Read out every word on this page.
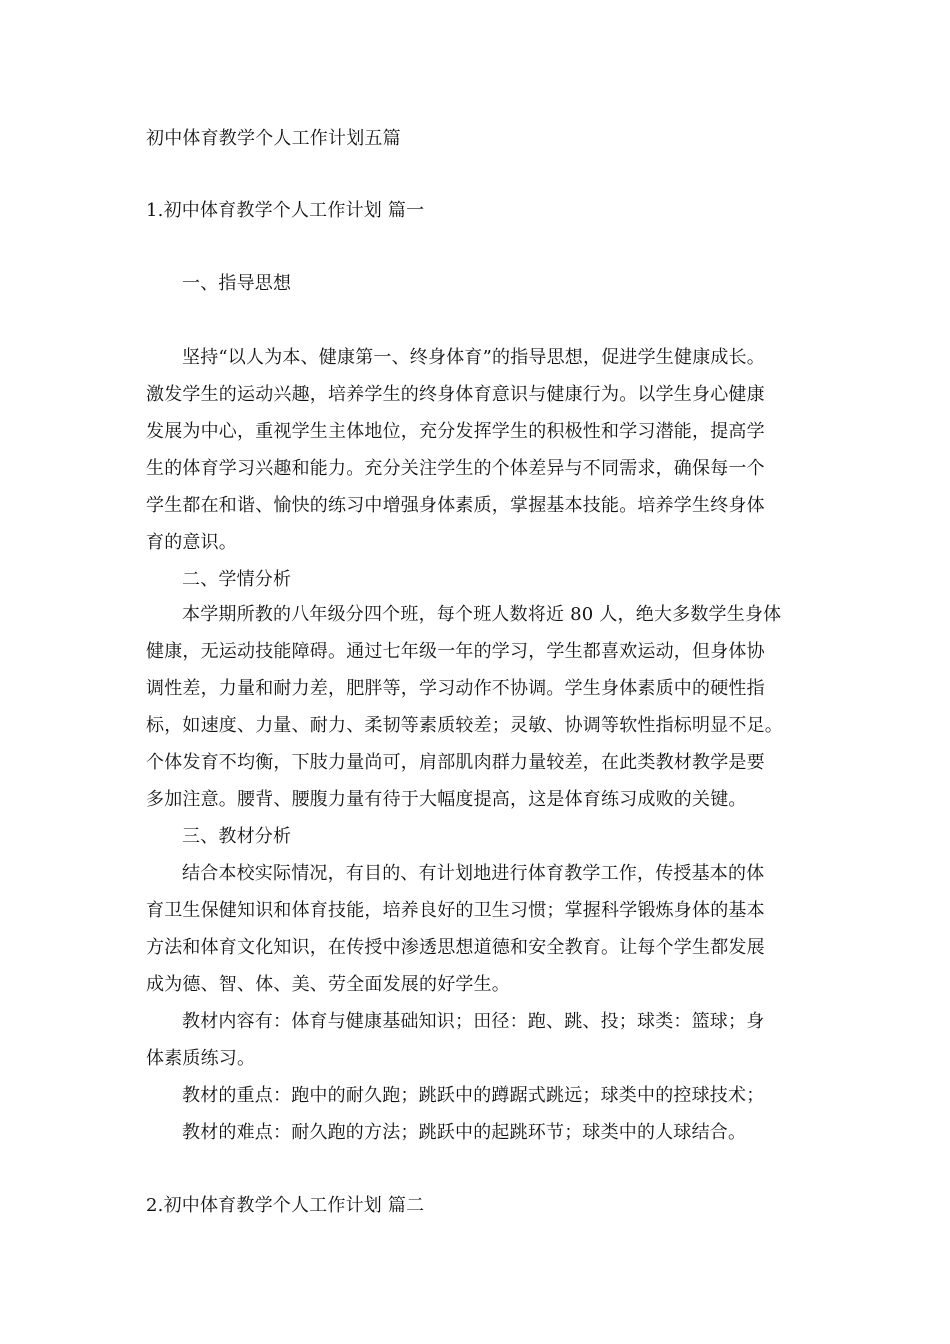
初中体育教学个人工作计划五篇
1.初中体育教学个人工作计划 篇一
一、指导思想
坚持“以人为本、健康第一、终身体育”的指导思想，促进学生健康成长。
激发学生的运动兴趣，培养学生的终身体育意识与健康行为。以学生身心健康
发展为中心，重视学生主体地位，充分发挥学生的积极性和学习潜能，提高学
生的体育学习兴趣和能力。充分关注学生的个体差异与不同需求，确保每一个
学生都在和谐、愉快的练习中增强身体素质，掌握基本技能。培养学生终身体
育的意识。
二、学情分析
本学期所教的八年级分四个班，每个班人数将近 80 人，绝大多数学生身体
健康，无运动技能障碍。通过七年级一年的学习，学生都喜欢运动，但身体协
调性差，力量和耐力差，肥胖等，学习动作不协调。学生身体素质中的硬性指
标，如速度、力量、耐力、柔韧等素质较差；灵敏、协调等软性指标明显不足。
个体发育不均衡，下肢力量尚可，肩部肌肉群力量较差，在此类教材教学是要
多加注意。腰背、腰腹力量有待于大幅度提高，这是体育练习成败的关键。
三、教材分析
结合本校实际情况，有目的、有计划地进行体育教学工作，传授基本的体
育卫生保健知识和体育技能，培养良好的卫生习惯；掌握科学锻炼身体的基本
方法和体育文化知识，在传授中渗透思想道德和安全教育。让每个学生都发展
成为德、智、体、美、劳全面发展的好学生。
教材内容有：体育与健康基础知识；田径：跑、跳、投；球类：篮球；身
体素质练习。
教材的重点：跑中的耐久跑；跳跃中的蹲踞式跳远；球类中的控球技术；
教材的难点：耐久跑的方法；跳跃中的起跳环节；球类中的人球结合。
2.初中体育教学个人工作计划 篇二
